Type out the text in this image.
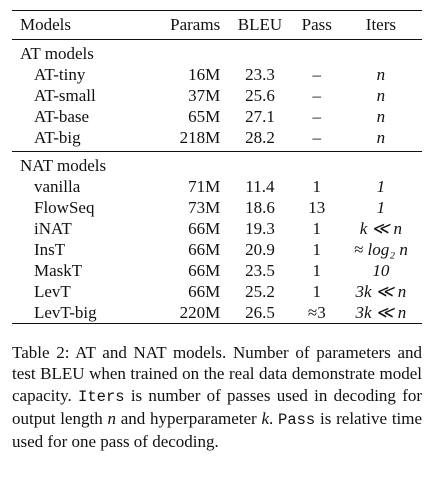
Models	Params	BLEU	Pass	Iters
AT models				
AT-tiny	16M	23.3	–	n
AT-small	37M	25.6	–	n
AT-base	65M	27.1	–	n
AT-big	218M	28.2	–	n

NAT models				
vanilla	71M	11.4	1	1
FlowSeq	73M	18.6	13	1
iNAT	66M	19.3	1	k ≪ n
InsT	66M	20.9	1	≈ log₂ n
MaskT	66M	23.5	1	10
LevT	66M	25.2	1	3k ≪ n
LevT-big	220M	26.5	≈3	3k ≪ n
Table 2: AT and NAT models. Number of parameters and test BLEU when trained on the real data demonstrate model capacity. Iters is number of passes used in decoding for output length n and hyperparameter k. Pass is relative time used for one pass of decoding.
